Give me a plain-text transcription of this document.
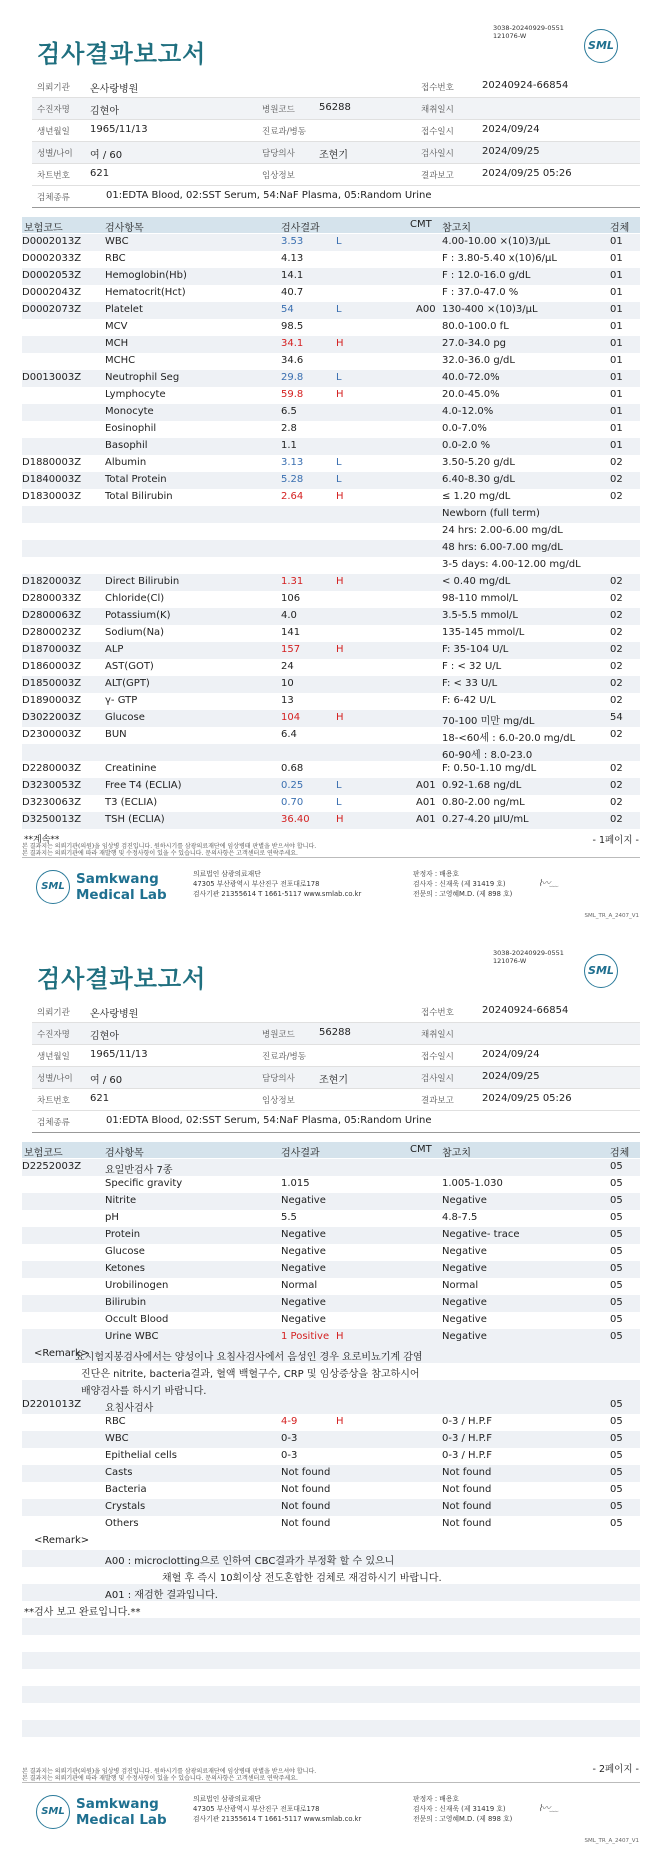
3038-20240929-0551
121076-W
검사결과보고서	SML
의뢰기관 온사랑병원	접수번호	20240924-66854
수진자명 김현아	병원코드 56288	채취일시
생년월일 1965/11/13	진료과/병동	접수일시	2024/09/24
성별/나이 여 / 60	담당의사 조현기	검사일시	2024/09/25
차트번호 621	임상정보	결과보고	2024/09/25 05:26
검체종류	01:EDTA Blood, 02:SST Serum, 54:NaF Plasma, 05:Random Urine
보험코드	검사항목	검사결과	CMT 참고치	검체
D0002013Z WBC	3.53	L	4.00-10.00 ×(10)3/μL	01
D0002033Z RBC	4.13	F : 3.80-5.40 x(10)6/μL	01
D0002053Z Hemoglobin(Hb)	14.1	F : 12.0-16.0 g/dL	01
D0002043Z Hematocrit(Hct)	40.7	F : 37.0-47.0 %	01
D0002073Z Platelet	54	L	A00 130-400 ×(10)3/μL	01
MCV	98.5	80.0-100.0 fL	01
MCH	34.1	H	27.0-34.0 pg	01
MCHC	34.6	32.0-36.0 g/dL	01
D0013003Z Neutrophil Seg	29.8	L	40.0-72.0%	01
Lymphocyte	59.8	H	20.0-45.0%	01
Monocyte	6.5	4.0-12.0%	01
Eosinophil	2.8	0.0-7.0%	01
Basophil	1.1	0.0-2.0 %	01
D1880003Z Albumin	3.13	L	3.50-5.20 g/dL	02
D1840003Z Total Protein	5.28	L	6.40-8.30 g/dL	02
D1830003Z Total Bilirubin	2.64	H	≤ 1.20 mg/dL	02
Newborn (full term)
24 hrs: 2.00-6.00 mg/dL
48 hrs: 6.00-7.00 mg/dL
3-5 days: 4.00-12.00 mg/dL
D1820003Z Direct Bilirubin	1.31	H	< 0.40 mg/dL	02
D2800033Z Chloride(Cl)	106	98-110 mmol/L	02
D2800063Z Potassium(K)	4.0	3.5-5.5 mmol/L	02
D2800023Z Sodium(Na)	141	135-145 mmol/L	02
D1870003Z ALP	157	H	F: 35-104 U/L	02
D1860003Z AST(GOT)	24	F : < 32 U/L	02
D1850003Z ALT(GPT)	10	F: < 33 U/L	02
D1890003Z γ- GTP	13	F: 6-42 U/L	02
D3022003Z Glucose	104	H	70-100 미만 mg/dL	54
D2300003Z BUN	6.4	18-<60세 : 6.0-20.0 mg/dL	02
60-90세 : 8.0-23.0
D2280003Z Creatinine	0.68	F: 0.50-1.10 mg/dL	02
D3230053Z Free T4 (ECLIA)	0.25	L	A01 0.92-1.68 ng/dL	02
D3230063Z T3 (ECLIA)	0.70	L	A01 0.80-2.00 ng/mL	02
D3250013Z TSH (ECLIA)	36.40	H	A01 0.27-4.20 μIU/mL	02
**계속**	- 1페이지 -
본 결과지는 의뢰기관(의원)을 임상병 검진입니다. 원하시기를 삼광의료재단에 임상병태 판별을 받으셔야 합니다.
본 결과지는 의뢰기관에 따라 재발행 및 수정사항이 있을 수 있습니다. 문의사항은 고객센터로 연락주세요.
SML Samkwang
Medical Lab
의료법인 삼광의료재단
47305 부산광역시 부산진구 전포대로178
검사기관 21355614 T 1661-5117 www.smlab.co.kr
판정자 : 배용호
검사자 : 신재욱 (제 31419 호)
전문의 : 고영혜M.D. (제 898 호)
⌇〰﹏
SML_TR_A_2407_V1
3038-20240929-0551
121076-W
검사결과보고서	SML
의뢰기관 온사랑병원	접수번호	20240924-66854
수진자명 김현아	병원코드 56288	채취일시
생년월일 1965/11/13	진료과/병동	접수일시	2024/09/24
성별/나이 여 / 60	담당의사 조현기	검사일시	2024/09/25
차트번호 621	임상정보	결과보고	2024/09/25 05:26
검체종류	01:EDTA Blood, 02:SST Serum, 54:NaF Plasma, 05:Random Urine
보험코드	검사항목	검사결과	CMT 참고치	검체
D2252003Z 요일반검사 7종	05
Specific gravity	1.015	1.005-1.030	05
Nitrite	Negative	Negative	05
pH	5.5	4.8-7.5	05
Protein	Negative	Negative- trace	05
Glucose	Negative	Negative	05
Ketones	Negative	Negative	05
Urobilinogen	Normal	Normal	05
Bilirubin	Negative	Negative	05
Occult Blood	Negative	Negative	05
Urine WBC	1 Positive H	Negative	05
<Remark>
요시험지봉검사에서는 양성이나 요침사검사에서 음성인 경우 요로비뇨기계 감염
진단은 nitrite, bacteria결과, 혈액 백혈구수, CRP 및 임상증상을 참고하시어
배양검사를 하시기 바랍니다.
D2201013Z 요침사검사	05
RBC	4-9	H	0-3 / H.P.F	05
WBC	0-3	0-3 / H.P.F	05
Epithelial cells	0-3	0-3 / H.P.F	05
Casts	Not found	Not found	05
Bacteria	Not found	Not found	05
Crystals	Not found	Not found	05
Others	Not found	Not found	05
<Remark>
A00 : microclotting으로 인하여 CBC결과가 부정확 할 수 있으니
채혈 후 즉시 10회이상 전도혼합한 검체로 재검하시기 바랍니다.
A01 : 재검한 결과입니다.
**검사 보고 완료입니다.**
- 2페이지 -
본 결과지는 의뢰기관(의원)을 임상병 검진입니다. 원하시기를 삼광의료재단에 임상병태 판별을 받으셔야 합니다.
본 결과지는 의뢰기관에 따라 재발행 및 수정사항이 있을 수 있습니다. 문의사항은 고객센터로 연락주세요.
SML Samkwang
Medical Lab
의료법인 삼광의료재단
47305 부산광역시 부산진구 전포대로178
검사기관 21355614 T 1661-5117 www.smlab.co.kr
판정자 : 배용호
검사자 : 신재욱 (제 31419 호)
전문의 : 고영혜M.D. (제 898 호)
⌇〰﹏
SML_TR_A_2407_V1
